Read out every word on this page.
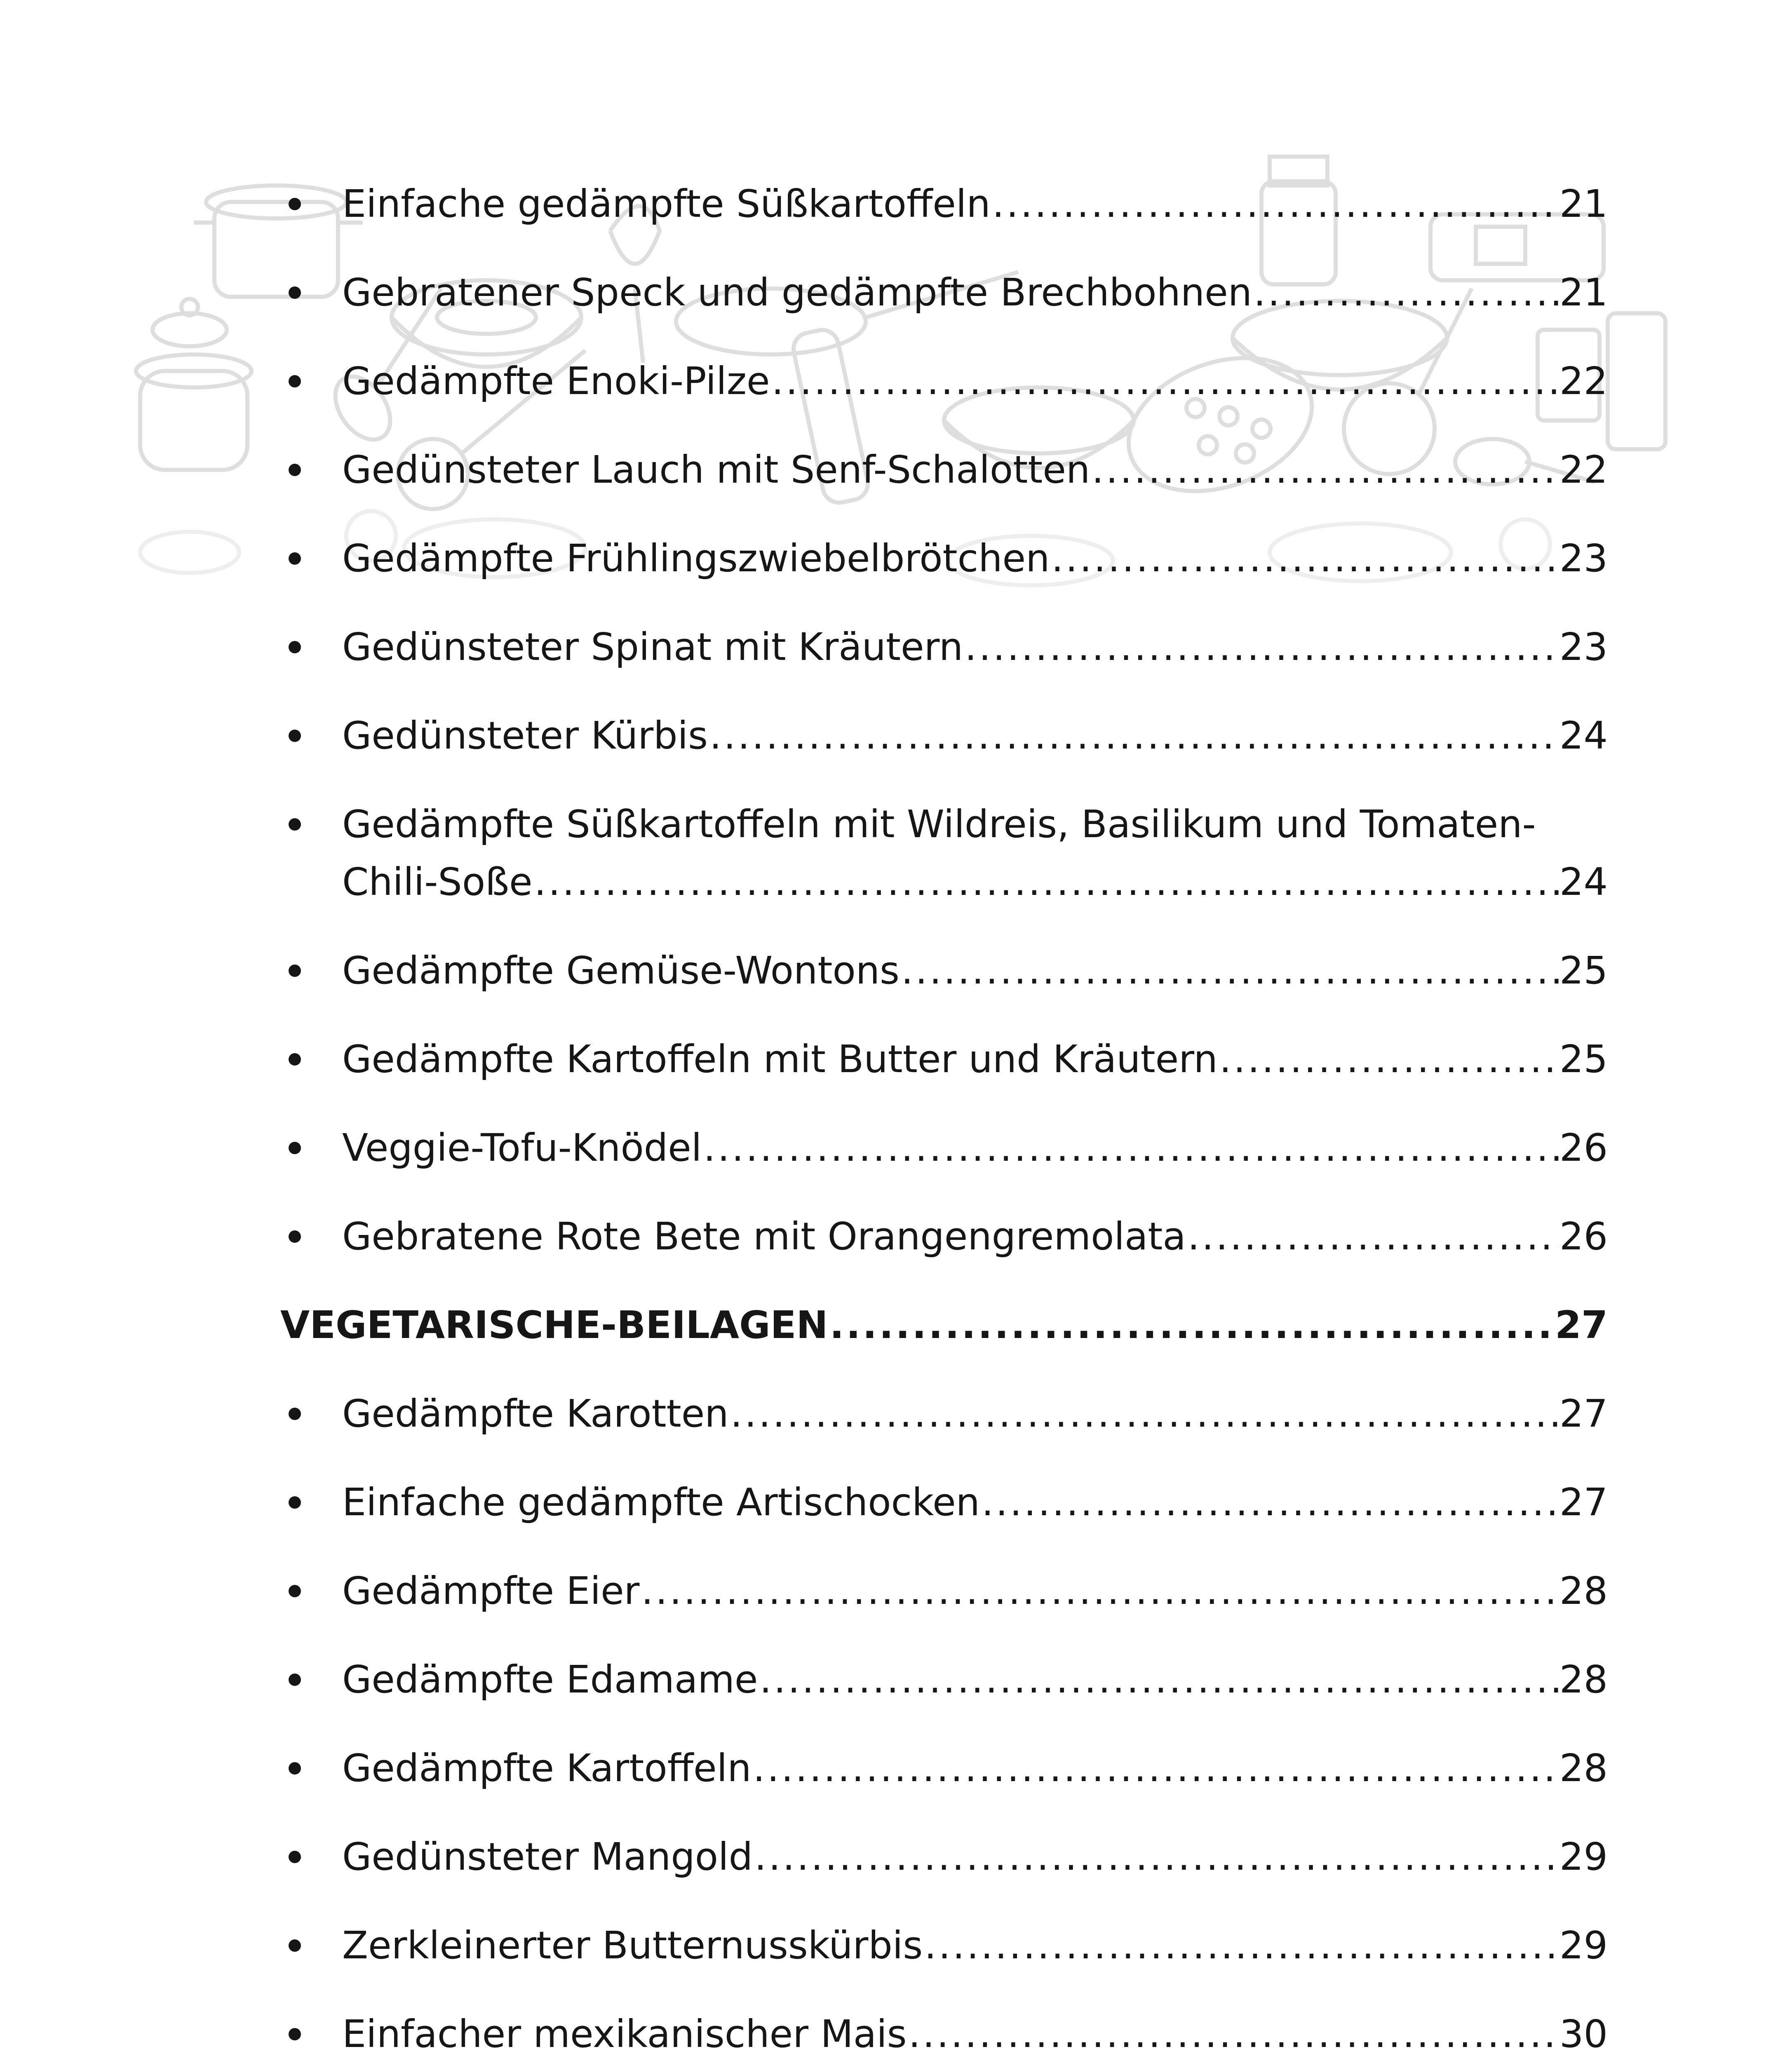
Einfache gedämpfte Süßkartoffeln .....	21
Gebratener Speck und gedämpfte Brechbohnen .....	21
Gedämpfte Enoki-Pilze .....	22
Gedünsteter Lauch mit Senf-Schalotten .....	22
Gedämpfte Frühlingszwiebelbrötchen .....	23
Gedünsteter Spinat mit Kräutern .....	23
Gedünsteter Kürbis .....	24
Gedämpfte Süßkartoffeln mit Wildreis, Basilikum und Tomaten-
Chili-Soße .....	24
Gedämpfte Gemüse-Wontons .....	25
Gedämpfte Kartoffeln mit Butter und Kräutern .....	25
Veggie-Tofu-Knödel .....	26
Gebratene Rote Bete mit Orangengremolata .....	26
VEGETARISCHE-BEILAGEN .....	27
Gedämpfte Karotten .....	27
Einfache gedämpfte Artischocken .....	27
Gedämpfte Eier .....	28
Gedämpfte Edamame .....	28
Gedämpfte Kartoffeln .....	28
Gedünsteter Mangold .....	29
Zerkleinerter Butternusskürbis .....	29
Einfacher mexikanischer Mais .....	30
